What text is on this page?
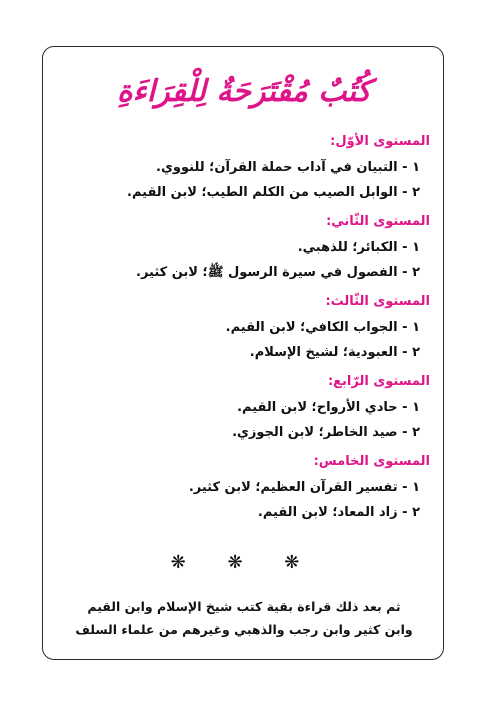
كُتُبٌ مُقْتَرَحَةٌ لِلْقِرَاءَةِ
المستوى الأوّل:
١ - التبيان في آداب حملة القرآن؛ للنووي.
٢ - الوابل الصيب من الكلم الطيب؛ لابن القيم.
المستوى الثّاني:
١ - الكبائر؛ للذهبي.
٢ - الفصول في سيرة الرسول ﷺ؛ لابن كثير.
المستوى الثّالث:
١ - الجواب الكافي؛ لابن القيم.
٢ - العبودية؛ لشيخ الإسلام.
المستوى الرّابع:
١ - حادي الأرواح؛ لابن القيم.
٢ - صيد الخاطر؛ لابن الجوزي.
المستوى الخامس:
١ - تفسير القرآن العظيم؛ لابن كثير.
٢ - زاد المعاد؛ لابن القيم.
❋ ❋ ❋
ثم بعد ذلك قراءة بقية كتب شيخ الإسلام وابن القيم
وابن كثير وابن رجب والذهبي وغيرهم من علماء السلف
